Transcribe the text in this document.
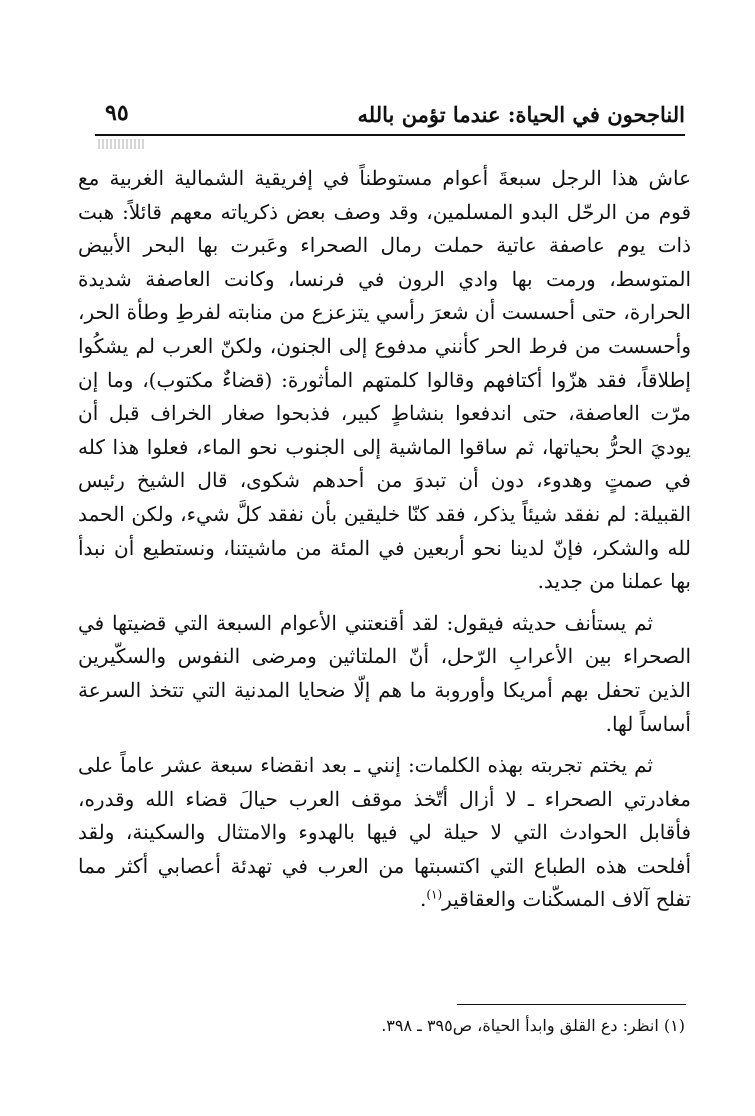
الناجحون في الحياة: عندما تؤمن بالله
٩٥

عاش هذا الرجل سبعةَ أعوام مستوطناً في إفريقية الشمالية الغربية مع قوم من الرحّل البدو المسلمين، وقد وصف بعض ذكرياته معهم قائلاً: هبت ذات يوم عاصفة عاتية حملت رمال الصحراء وعَبرت بها البحر الأبيض المتوسط، ورمت بها وادي الرون في فرنسا، وكانت العاصفة شديدة الحرارة، حتى أحسست أن شعرَ رأسي يتزعزع من منابته لفرطِ وطأة الحر، وأحسست من فرط الحر كأنني مدفوع إلى الجنون، ولكنّ العرب لم يشكُوا إطلاقاً، فقد هزّوا أكتافهم وقالوا كلمتهم المأثورة: (قضاءٌ مكتوب)، وما إن مرّت العاصفة، حتى اندفعوا بنشاطٍ كبير، فذبحوا صغار الخراف قبل أن يوديَ الحرُّ بحياتها، ثم ساقوا الماشية إلى الجنوب نحو الماء، فعلوا هذا كله في صمتٍ وهدوء، دون أن تبدوَ من أحدهم شكوى، قال الشيخ رئيس القبيلة: لم نفقد شيئاً يذكر، فقد كنّا خليقين بأن نفقد كلَّ شيء، ولكن الحمد لله والشكر، فإنّ لدينا نحو أربعين في المئة من ماشيتنا، ونستطيع أن نبدأ بها عملنا من جديد.

ثم يستأنف حديثه فيقول: لقد أقنعتني الأعوام السبعة التي قضيتها في الصحراء بين الأعرابِ الرّحل، أنّ الملتاثين ومرضى النفوس والسكّيرين الذين تحفل بهم أمريكا وأوروبة ما هم إلّا ضحايا المدنية التي تتخذ السرعة أساساً لها.

ثم يختم تجربته بهذه الكلمات: إنني ـ بعد انقضاء سبعة عشر عاماً على مغادرتي الصحراء ـ لا أزال أتّخذ موقف العرب حيالَ قضاء الله وقدره، فأقابل الحوادث التي لا حيلة لي فيها بالهدوء والامتثال والسكينة، ولقد أفلحت هذه الطباع التي اكتسبتها من العرب في تهدئة أعصابي أكثر مما تفلح آلاف المسكّنات والعقاقير$^{(١)}$.

(١) انظر: دع القلق وابدأ الحياة، ص٣٩٥ ـ ٣٩٨.
